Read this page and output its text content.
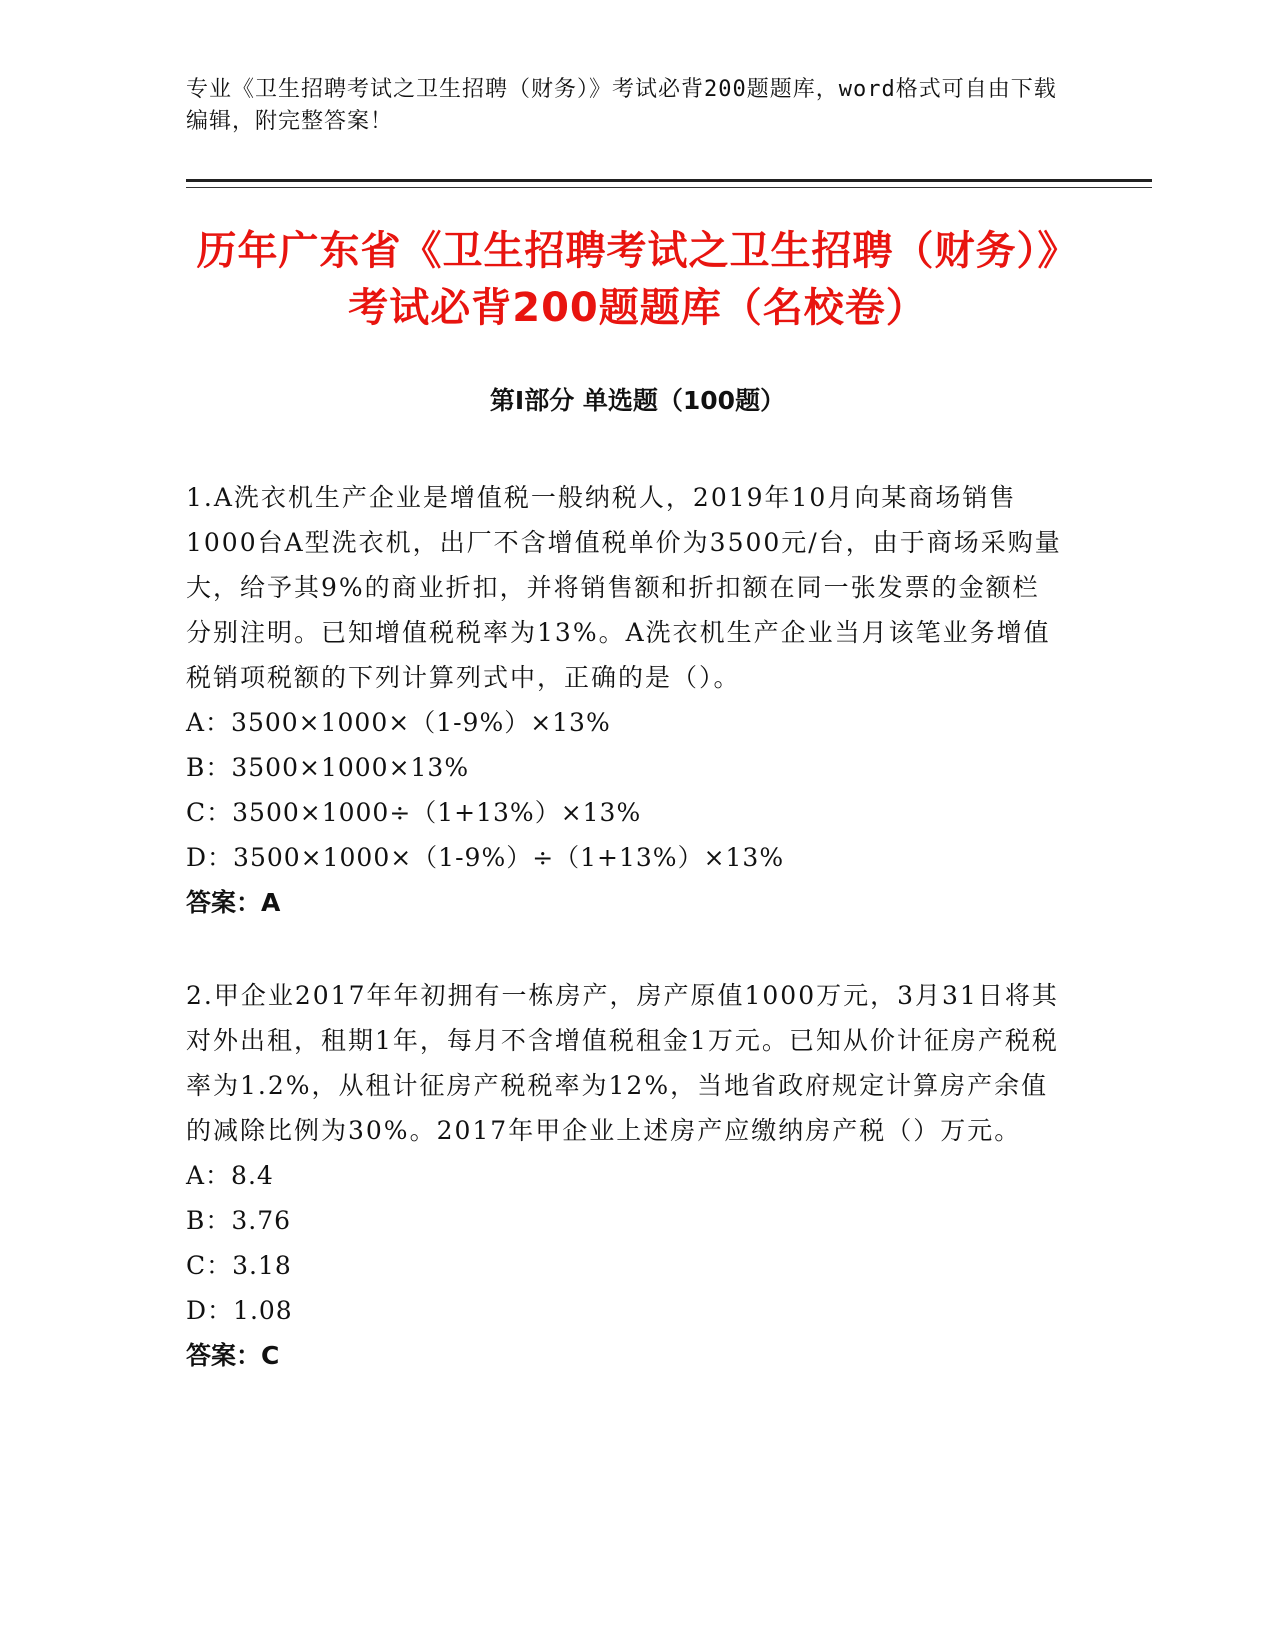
专业《卫生招聘考试之卫生招聘（财务）》考试必背200题题库，word格式可自由下载编辑，附完整答案！
历年广东省《卫生招聘考试之卫生招聘（财务）》考试必背200题题库（名校卷）
第Ⅰ部分 单选题（100题）

1.A洗衣机生产企业是增值税一般纳税人，2019年10月向某商场销售1000台A型洗衣机，出厂不含增值税单价为3500元/台，由于商场采购量大，给予其9%的商业折扣，并将销售额和折扣额在同一张发票的金额栏分别注明。已知增值税税率为13%。A洗衣机生产企业当月该笔业务增值税销项税额的下列计算列式中，正确的是（）。

A：3500×1000×（1-9%）×13%

B：3500×1000×13%

C：3500×1000÷（1+13%）×13%

D：3500×1000×（1-9%）÷（1+13%）×13%

答案：A

2.甲企业2017年年初拥有一栋房产，房产原值1000万元，3月31日将其对外出租，租期1年，每月不含增值税租金1万元。已知从价计征房产税税率为1.2%，从租计征房产税税率为12%，当地省政府规定计算房产余值的减除比例为30%。2017年甲企业上述房产应缴纳房产税（）万元。

A：8.4

B：3.76

C：3.18

D：1.08

答案：C
